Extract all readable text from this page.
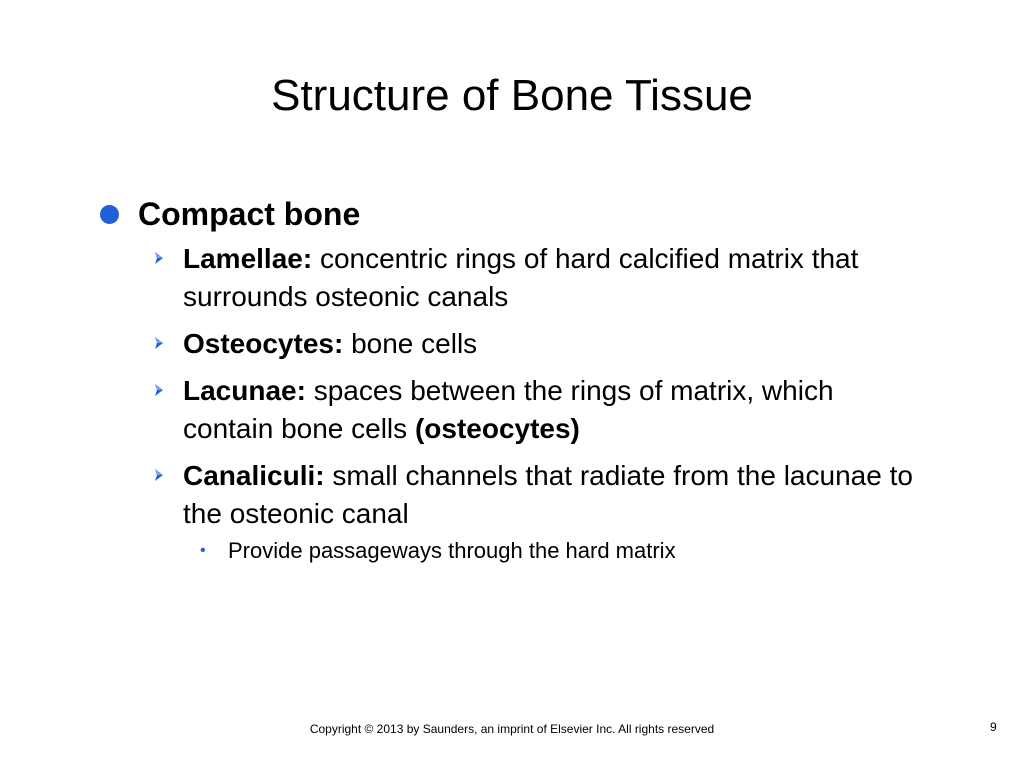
Structure of Bone Tissue
Compact bone
Lamellae: concentric rings of hard calcified matrix that surrounds osteonic canals
Osteocytes: bone cells
Lacunae: spaces between the rings of matrix, which contain bone cells (osteocytes)
Canaliculi: small channels that radiate from the lacunae to the osteonic canal
• Provide passageways through the hard matrix
Copyright © 2013 by Saunders, an imprint of Elsevier Inc. All rights reserved	9
